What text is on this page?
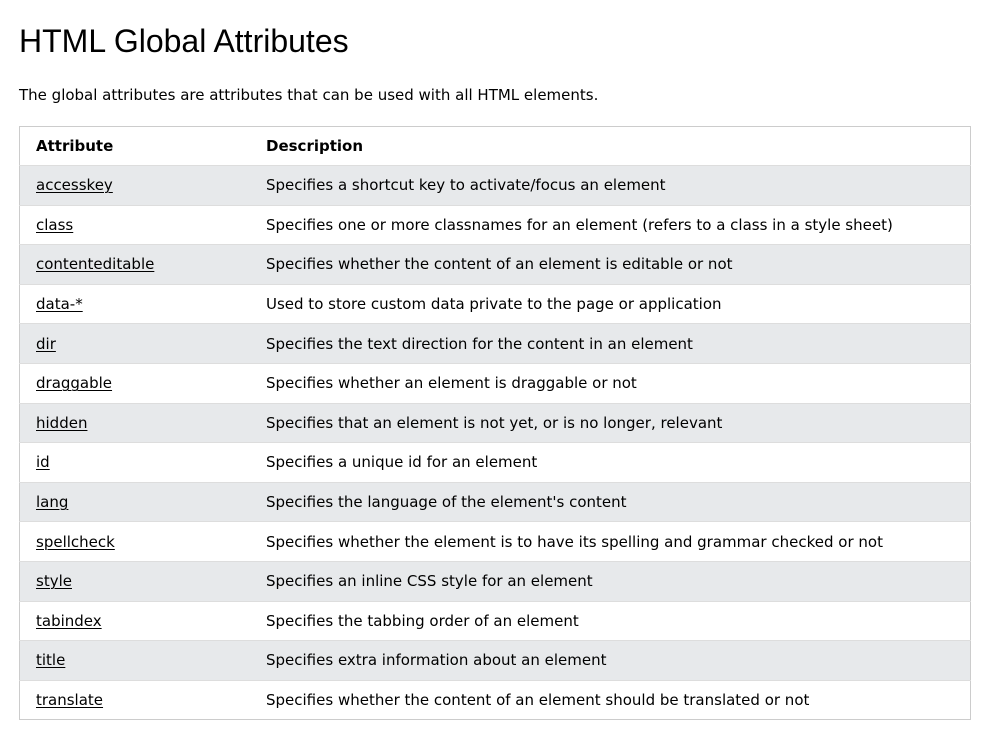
HTML Global Attributes

The global attributes are attributes that can be used with all HTML elements.

Attribute	Description
accesskey	Specifies a shortcut key to activate/focus an element
class	Specifies one or more classnames for an element (refers to a class in a style sheet)
contenteditable	Specifies whether the content of an element is editable or not
data-*	Used to store custom data private to the page or application
dir	Specifies the text direction for the content in an element
draggable	Specifies whether an element is draggable or not
hidden	Specifies that an element is not yet, or is no longer, relevant
id	Specifies a unique id for an element
lang	Specifies the language of the element's content
spellcheck	Specifies whether the element is to have its spelling and grammar checked or not
style	Specifies an inline CSS style for an element
tabindex	Specifies the tabbing order of an element
title	Specifies extra information about an element
translate	Specifies whether the content of an element should be translated or not
